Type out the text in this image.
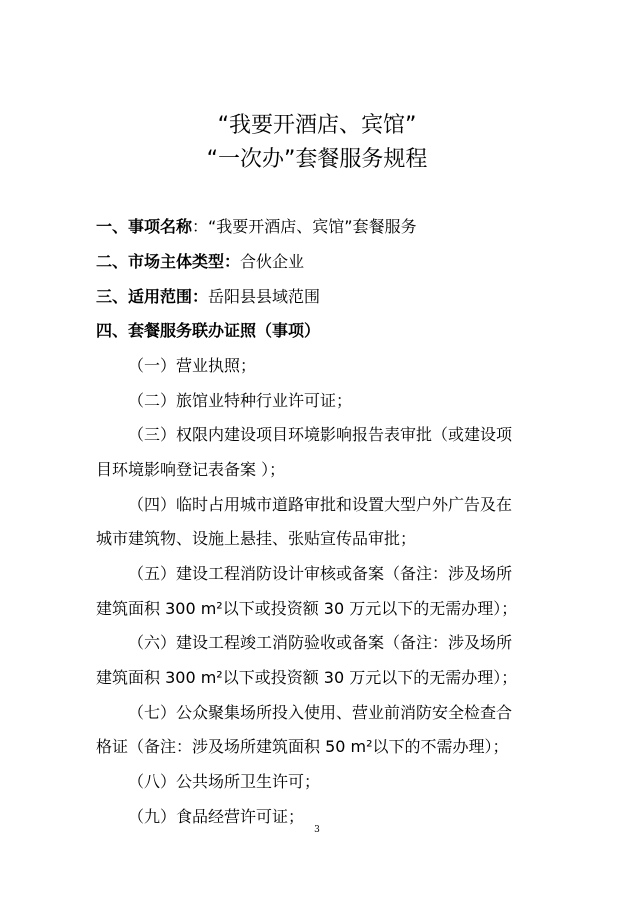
“我要开酒店、宾馆”
“一次办”套餐服务规程
一、事项名称：“我要开酒店、宾馆”套餐服务
二、市场主体类型：合伙企业
三、适用范围：岳阳县县域范围
四、套餐服务联办证照（事项）
（一）营业执照；
（二）旅馆业特种行业许可证；
（三）权限内建设项目环境影响报告表审批（或建设项
目环境影响登记表备案 ）；
（四）临时占用城市道路审批和设置大型户外广告及在
城市建筑物、设施上悬挂、张贴宣传品审批；
（五）建设工程消防设计审核或备案（备注：涉及场所
建筑面积 300 m²以下或投资额 30 万元以下的无需办理）；
（六）建设工程竣工消防验收或备案（备注：涉及场所
建筑面积 300 m²以下或投资额 30 万元以下的无需办理）；
（七）公众聚集场所投入使用、营业前消防安全检查合
格证（备注：涉及场所建筑面积 50 m²以下的不需办理）；
（八）公共场所卫生许可；
（九）食品经营许可证；
3
